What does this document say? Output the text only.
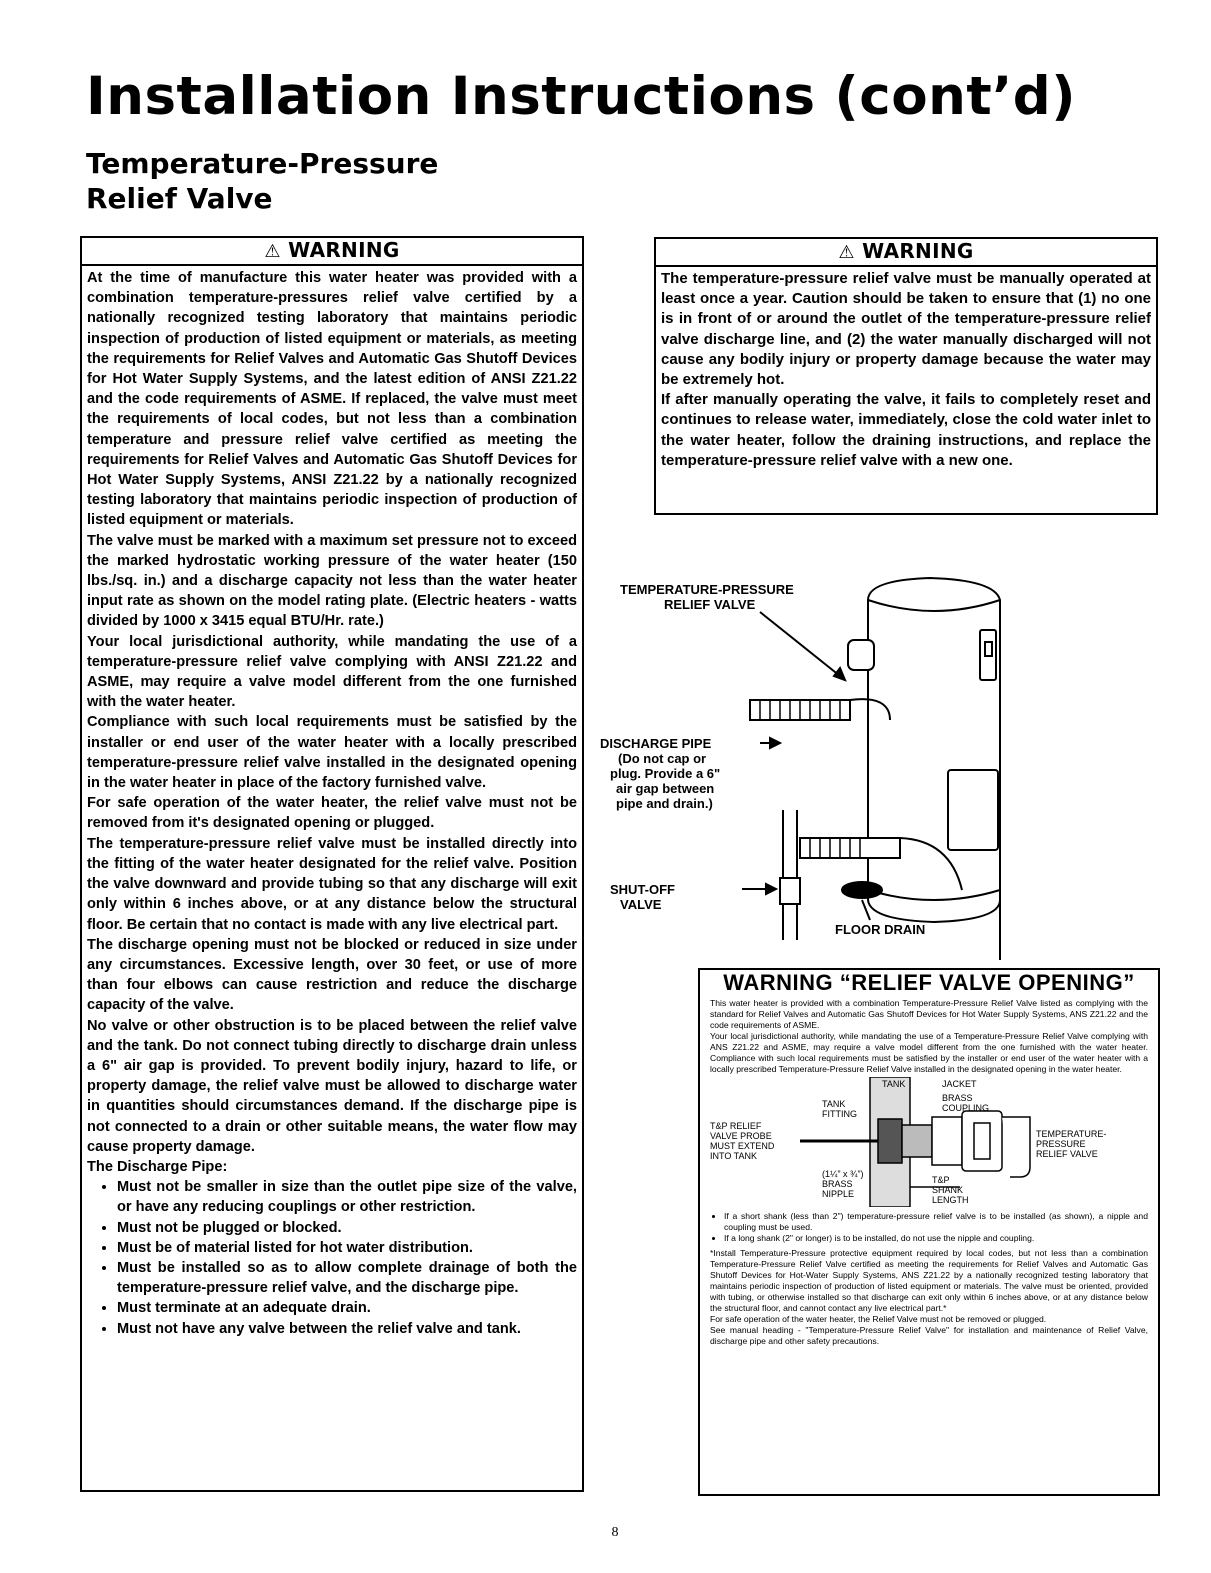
Installation Instructions (cont’d)
Temperature-Pressure
Relief Valve
⚠ WARNING

At the time of manufacture this water heater was provided with a combination temperature-pressures relief valve certified by a nationally recognized testing laboratory that maintains periodic inspection of production of listed equipment or materials, as meeting the requirements for Relief Valves and Automatic Gas Shutoff Devices for Hot Water Supply Systems, and the latest edition of ANSI Z21.22 and the code requirements of ASME. If replaced, the valve must meet the requirements of local codes, but not less than a combination temperature and pressure relief valve certified as meeting the requirements for Relief Valves and Automatic Gas Shutoff Devices for Hot Water Supply Systems, ANSI Z21.22 by a nationally recognized testing laboratory that maintains periodic inspection of production of listed equipment or materials.

The valve must be marked with a maximum set pressure not to exceed the marked hydrostatic working pressure of the water heater (150 lbs./sq. in.) and a discharge capacity not less than the water heater input rate as shown on the model rating plate. (Electric heaters - watts divided by 1000 x 3415 equal BTU/Hr. rate.)

Your local jurisdictional authority, while mandating the use of a temperature-pressure relief valve complying with ANSI Z21.22 and ASME, may require a valve model different from the one furnished with the water heater.

Compliance with such local requirements must be satisfied by the installer or end user of the water heater with a locally prescribed temperature-pressure relief valve installed in the designated opening in the water heater in place of the factory furnished valve.

For safe operation of the water heater, the relief valve must not be removed from it's designated opening or plugged.

The temperature-pressure relief valve must be installed directly into the fitting of the water heater designated for the relief valve. Position the valve downward and provide tubing so that any discharge will exit only within 6 inches above, or at any distance below the structural floor. Be certain that no contact is made with any live electrical part.

The discharge opening must not be blocked or reduced in size under any circumstances. Excessive length, over 30 feet, or use of more than four elbows can cause restriction and reduce the discharge capacity of the valve.

No valve or other obstruction is to be placed between the relief valve and the tank. Do not connect tubing directly to discharge drain unless a 6" air gap is provided. To prevent bodily injury, hazard to life, or property damage, the relief valve must be allowed to discharge water in quantities should circumstances demand. If the discharge pipe is not connected to a drain or other suitable means, the water flow may cause property damage.

The Discharge Pipe:

• Must not be smaller in size than the outlet pipe size of the valve, or have any reducing couplings or other restriction.
• Must not be plugged or blocked.
• Must be of material listed for hot water distribution.
• Must be installed so as to allow complete drainage of both the temperature-pressure relief valve, and the discharge pipe.
• Must terminate at an adequate drain.
• Must not have any valve between the relief valve and tank.
⚠ WARNING

The temperature-pressure relief valve must be manually operated at least once a year. Caution should be taken to ensure that (1) no one is in front of or around the outlet of the temperature-pressure relief valve discharge line, and (2) the water manually discharged will not cause any bodily injury or property damage because the water may be extremely hot.

If after manually operating the valve, it fails to completely reset and continues to release water, immediately, close the cold water inlet to the water heater, follow the draining instructions, and replace the temperature-pressure relief valve with a new one.

TEMPERATURE-PRESSURE
RELIEF VALVE
DISCHARGE PIPE
(Do not cap or
plug. Provide a 6"
air gap between
pipe and drain.)
SHUT-OFF
VALVE
FLOOR DRAIN
WARNING “RELIEF VALVE OPENING”

This water heater is provided with a combination Temperature-Pressure Relief Valve listed as complying with the standard for Relief Valves and Automatic Gas Shutoff Devices for Hot Water Supply Systems, ANS Z21.22 and the code requirements of ASME.

Your local jurisdictional authority, while mandating the use of a Temperature-Pressure Relief Valve complying with ANS Z21.22 and ASME, may require a valve model different from the one furnished with the water heater. Compliance with such local requirements must be satisfied by the installer or end user of the water heater with a locally prescribed Temperature-Pressure Relief Valve installed in the designated opening in the water heater.

TANK	JACKET
TANK
FITTING
BRASS
COUPLING
T&P RELIEF
VALVE PROBE
MUST EXTEND
INTO TANK
TEMPERATURE-
PRESSURE
RELIEF VALVE
(1¼” x ¾”)
BRASS
NIPPLE
T&P
SHANK
LENGTH
• If a short shank (less than 2") temperature-pressure relief valve is to be installed (as shown), a nipple and coupling must be used.
• If a long shank (2" or longer) is to be installed, do not use the nipple and coupling.

*Install Temperature-Pressure protective equipment required by local codes, but not less than a combination Temperature-Pressure Relief Valve certified as meeting the requirements for Relief Valves and Automatic Gas Shutoff Devices for Hot-Water Supply Systems, ANS Z21.22 by a nationally recognized testing laboratory that maintains periodic inspection of production of listed equipment or materials. The valve must be oriented, provided with tubing, or otherwise installed so that discharge can exit only within 6 inches above, or at any distance below the structural floor, and cannot contact any live electrical part.*

For safe operation of the water heater, the Relief Valve must not be removed or plugged.

See manual heading - "Temperature-Pressure Relief Valve" for installation and maintenance of Relief Valve, discharge pipe and other safety precautions.

8
